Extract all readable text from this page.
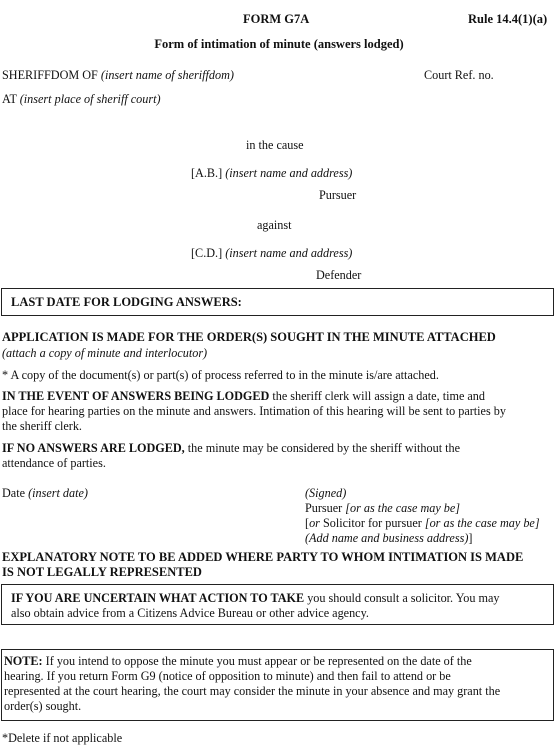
FORM G7A	Rule 14.4(1)(a)
Form of intimation of minute (answers lodged)
SHERIFFDOM OF (insert name of sheriffdom)	Court Ref. no.
AT (insert place of sheriff court)
in the cause
[A.B.] (insert name and address)
Pursuer
against
[C.D.] (insert name and address)
Defender
LAST DATE FOR LODGING ANSWERS:
APPLICATION IS MADE FOR THE ORDER(S) SOUGHT IN THE MINUTE ATTACHED
(attach a copy of minute and interlocutor)
* A copy of the document(s) or part(s) of process referred to in the minute is/are attached.

IN THE EVENT OF ANSWERS BEING LODGED the sheriff clerk will assign a date, time and

place for hearing parties on the minute and answers. Intimation of this hearing will be sent to parties by

the sheriff clerk.

IF NO ANSWERS ARE LODGED, the minute may be considered by the sheriff without the

attendance of parties.

Date (insert date)	(Signed)
Pursuer [or as the case may be]
[or Solicitor for pursuer [or as the case may be]
(Add name and business address)]

EXPLANATORY NOTE TO BE ADDED WHERE PARTY TO WHOM INTIMATION IS MADE

IS NOT LEGALLY REPRESENTED

IF YOU ARE UNCERTAIN WHAT ACTION TO TAKE you should consult a solicitor. You may

also obtain advice from a Citizens Advice Bureau or other advice agency.

NOTE: If you intend to oppose the minute you must appear or be represented on the date of the

hearing. If you return Form G9 (notice of opposition to minute) and then fail to attend or be

represented at the court hearing, the court may consider the minute in your absence and may grant the

order(s) sought.

*Delete if not applicable
